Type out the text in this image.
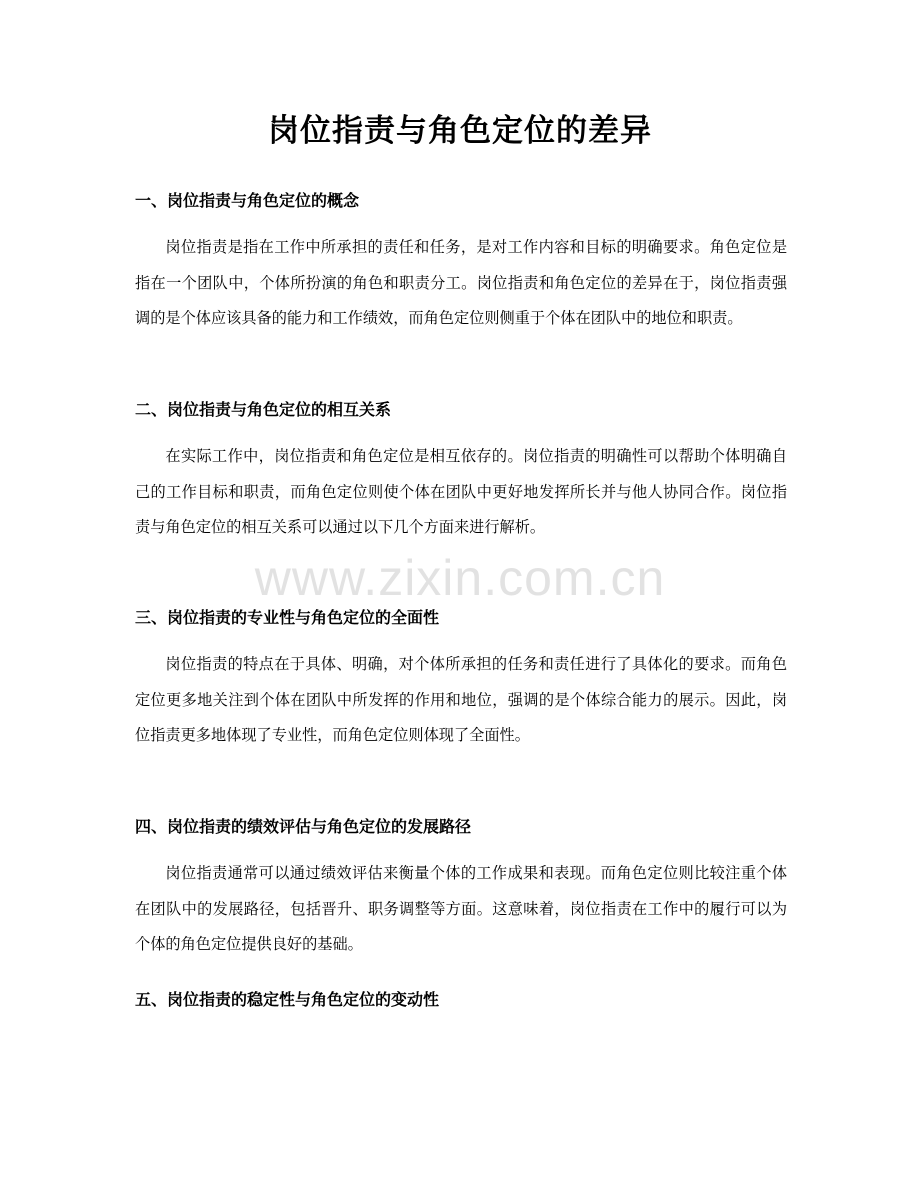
岗位指责与角色定位的差异
一、岗位指责与角色定位的概念

岗位指责是指在工作中所承担的责任和任务，是对工作内容和目标的明确要求。角色定位是指在一个团队中，个体所扮演的角色和职责分工。岗位指责和角色定位的差异在于，岗位指责强调的是个体应该具备的能力和工作绩效，而角色定位则侧重于个体在团队中的地位和职责。

二、岗位指责与角色定位的相互关系

在实际工作中，岗位指责和角色定位是相互依存的。岗位指责的明确性可以帮助个体明确自己的工作目标和职责，而角色定位则使个体在团队中更好地发挥所长并与他人协同合作。岗位指责与角色定位的相互关系可以通过以下几个方面来进行解析。

三、岗位指责的专业性与角色定位的全面性

岗位指责的特点在于具体、明确，对个体所承担的任务和责任进行了具体化的要求。而角色定位更多地关注到个体在团队中所发挥的作用和地位，强调的是个体综合能力的展示。因此，岗位指责更多地体现了专业性，而角色定位则体现了全面性。

四、岗位指责的绩效评估与角色定位的发展路径

岗位指责通常可以通过绩效评估来衡量个体的工作成果和表现。而角色定位则比较注重个体在团队中的发展路径，包括晋升、职务调整等方面。这意味着，岗位指责在工作中的履行可以为个体的角色定位提供良好的基础。

五、岗位指责的稳定性与角色定位的变动性
www.zixin.com.cn
